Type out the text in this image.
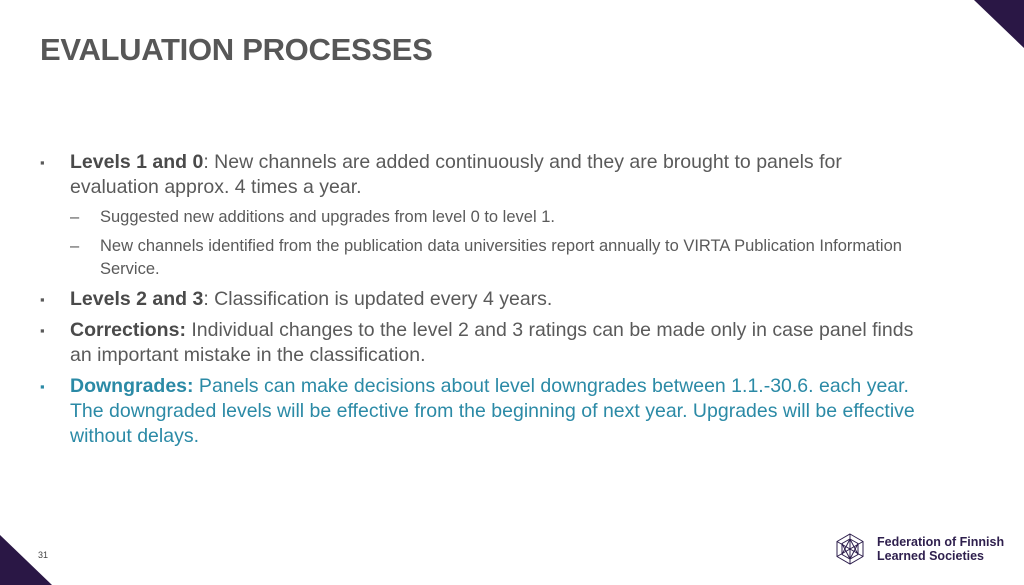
EVALUATION PROCESSES
▪ Levels 1 and 0: New channels are added continuously and they are brought to panels for evaluation approx. 4 times a year.
– Suggested new additions and upgrades from level 0 to level 1.
– New channels identified from the publication data universities report annually to VIRTA Publication Information Service.
▪ Levels 2 and 3: Classification is updated every 4 years.
▪ Corrections: Individual changes to the level 2 and 3 ratings can be made only in case panel finds an important mistake in the classification.
▪ Downgrades: Panels can make decisions about level downgrades between 1.1.-30.6. each year. The downgraded levels will be effective from the beginning of next year. Upgrades will be effective without delays.
31
Federation of Finnish
Learned Societies
